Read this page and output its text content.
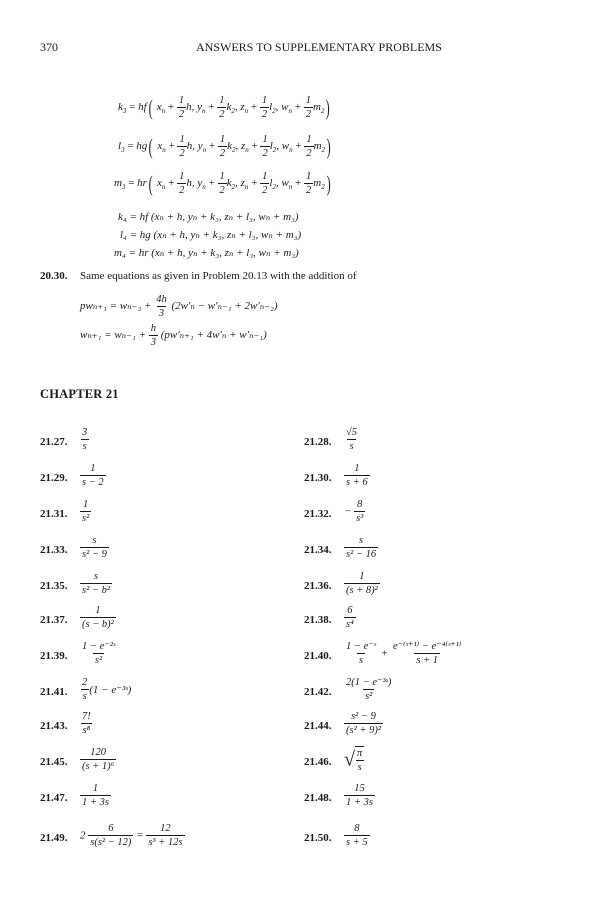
370	ANSWERS TO SUPPLEMENTARY PROBLEMS
$k_3 = hf$( $x_n + \frac{1}{2} h$, $y_n + \frac{1}{2} k_2$, $z_n + \frac{1}{2} l_2$, $w_n + \frac{1}{2} m_2$)
$l_3 = hg$( $x_n + \frac{1}{2} h$, $y_n + \frac{1}{2} k_2$, $z_n + \frac{1}{2} l_2$, $w_n + \frac{1}{2} m_2$)
$m_3 = hr$( $x_n + \frac{1}{2} h$, $y_n + \frac{1}{2} k_2$, $z_n + \frac{1}{2} l_2$, $w_n + \frac{1}{2} m_2$)
k₄ = hf (xₙ + h, yₙ + k₃, zₙ + l₃, wₙ + m₃)
l₄ = hg (xₙ + h, yₙ + k₃, zₙ + l₃, wₙ + m₃)
m₄ = hr (xₙ + h, yₙ + k₃, zₙ + l₃, wₙ + m₃)
20.30. Same equations as given in Problem 20.13 with the addition of
$pw_{n+1} = w_{n-3} + \frac{4h}{3} (2w'_n - w'_{n-1} + 2w'_{n-2})$
$w_{n+1} = w_{n-1} + \frac{h}{3} (pw'_{n+1} + 4w'_n + w'_{n-1})$
CHAPTER 21
21.27. $\frac{3}{s}$	21.28. $\frac{√5}{s}$
21.29. $\frac{1}{s - 2}$	21.30. $\frac{1}{s + 6}$
21.31. $\frac{1}{\text{s²}}$	21.32. − $\frac{8}{\text{s³}}$
21.33. $\frac{s}{\text{s² − 9}}$	21.34. $\frac{s}{\text{s² − 16}}$
21.35. $\frac{s}{\text{s² − b²}}$	21.36. $\frac{1}{\text{(s + 8)²}}$
21.37. $\frac{1}{\text{(s − b)²}}$	21.38. $\frac{6}{\text{s⁴}}$
21.39. $\frac{\text{1 − e⁻²ˢ}}{\text{s²}}$	21.40. $\frac{\text{1 − e⁻ˢ}}{s} + \frac{\text{e⁻⁽ˢ⁺¹⁾ − e⁻⁴⁽ˢ⁺¹⁾}}{s + 1}$
21.41. $\frac{2}{s} (1$ − e⁻³ˢ)	21.42. $\frac{\text{2(1 − e⁻³ˢ)}}{\text{s²}}$
21.43. $\frac{7!}{\text{s⁸}}$	21.44. $\frac{\text{s² − 9}}{\text{(s² + 9)²}}$
21.45. $\frac{120}{\text{(s + 1)⁶}}$	21.46. √ $\frac{\pi}{s}$
21.47. $\frac{1}{1 + 3s}$	21.48. $\frac{15}{1 + 3s}$
21.49. $2 \frac{6}{\text{s(s² − 12)}} = \frac{12}{\text{s³ + 12s}}$	21.50. $\frac{8}{s + 5}$
